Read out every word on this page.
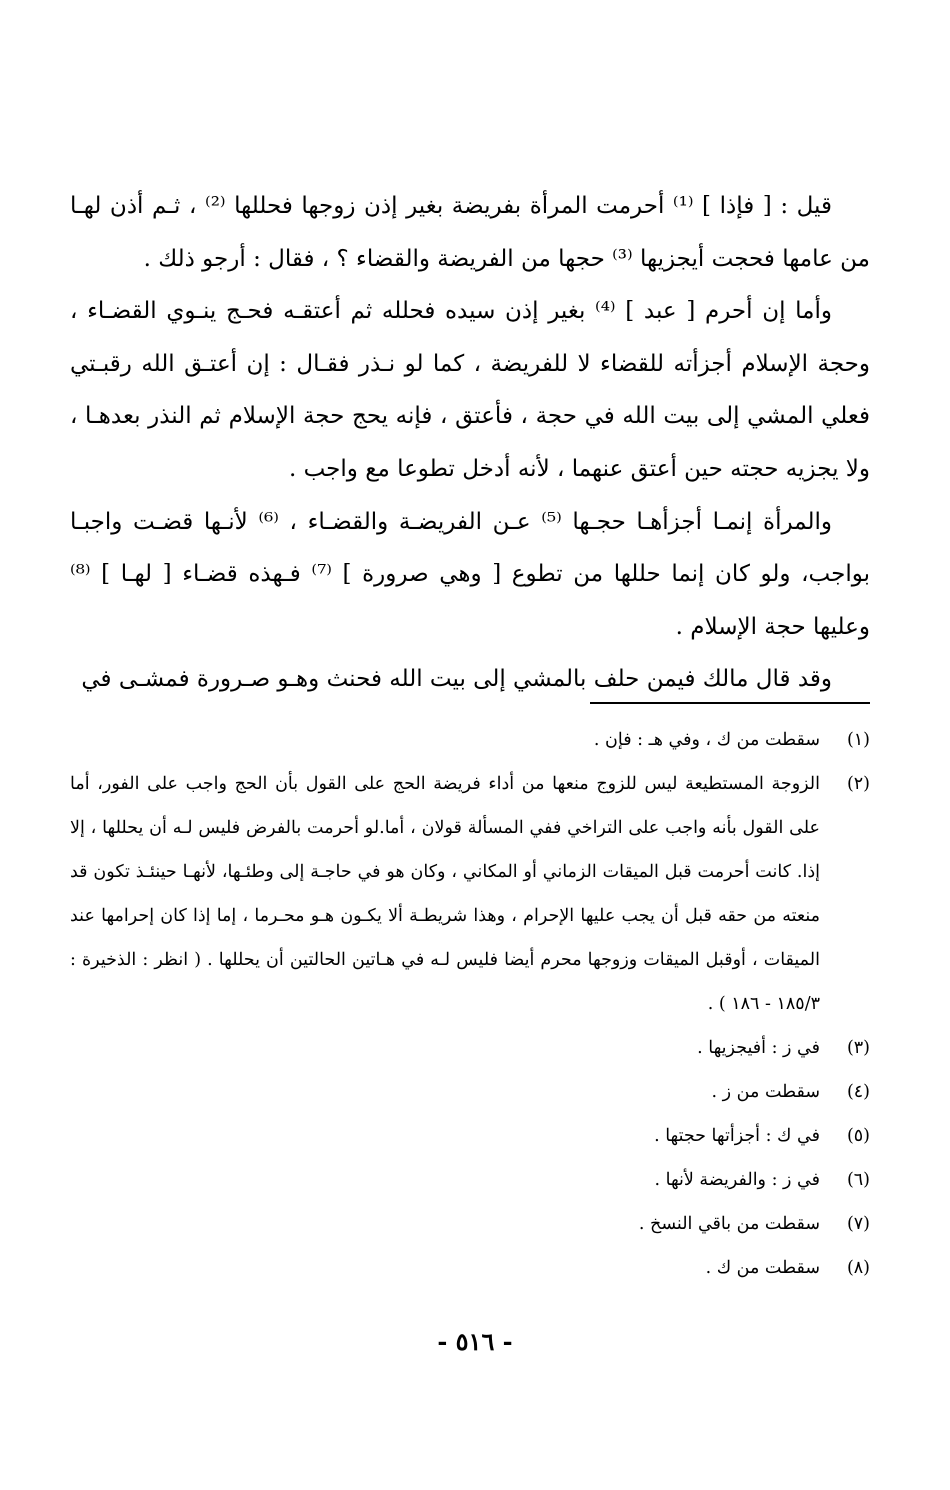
قيل : [ فإذا ] ⁽¹⁾ أحرمت المرأة بفريضة بغير إذن زوجها فحللها ⁽²⁾ ، ثـم أذن لهـا من عامها فحجت أيجزيها ⁽³⁾ حجها من الفريضة والقضاء ؟ ، فقال : أرجو ذلك .

وأما إن أحرم [ عبد ] ⁽⁴⁾ بغير إذن سيده فحلله ثم أعتقـه فحـج ينـوي القضـاء ، وحجة الإسلام أجزأته للقضاء لا للفريضة ، كما لو نـذر فقـال : إن أعتـق الله رقبـتي فعلي المشي إلى بيت الله في حجة ، فأعتق ، فإنه يحج حجة الإسلام ثم النذر بعدهـا ، ولا يجزيه حجته حين أعتق عنهما ، لأنه أدخل تطوعا مع واجب .

والمرأة إنمـا أجزأهـا حجـها ⁽⁵⁾ عـن الفريضـة والقضـاء ، ⁽⁶⁾ لأنـها قضـت واجبـا بواجب، ولو كان إنما حللها من تطوع [ وهي صرورة ] ⁽⁷⁾ فـهذه قضـاء [ لهـا ] ⁽⁸⁾ وعليها حجة الإسلام .

وقد قال مالك فيمن حلف بالمشي إلى بيت الله فحنث وهـو صـرورة فمشـى في

(١)
سقطت من ك ، وفي هـ : فإن .
(٢)
الزوجة المستطيعة ليس للزوج منعها من أداء فريضة الحج على القول بأن الحج واجب على الفور، أما على القول بأنه واجب على التراخي ففي المسألة قولان ، أما.لو أحرمت بالفرض فليس لـه أن يحللها ، إلا إذا. كانت أحرمت قبل الميقات الزماني أو المكاني ، وكان هو في حاجـة إلى وطئـها، لأنهـا حينئـذ تكون قد منعته من حقه قبل أن يجب عليها الإحرام ، وهذا شريطـة ألا يكـون هـو محـرما ، إما إذا كان إحرامها عند الميقات ، أوقبل الميقات وزوجها محرم أيضا فليس لـه في هـاتين الحالتين أن يحللها . ( انظر : الذخيرة : ١٨٥/٣ - ١٨٦ ) .
(٣)
في ز : أفيجزيها .
(٤)
سقطت من ز .
(٥)
في ك : أجزأتها حجتها .
(٦)
في ز : والفريضة لأنها .
(٧)
سقطت من باقي النسخ .
(٨)
سقطت من ك .
- ٥١٦ -
